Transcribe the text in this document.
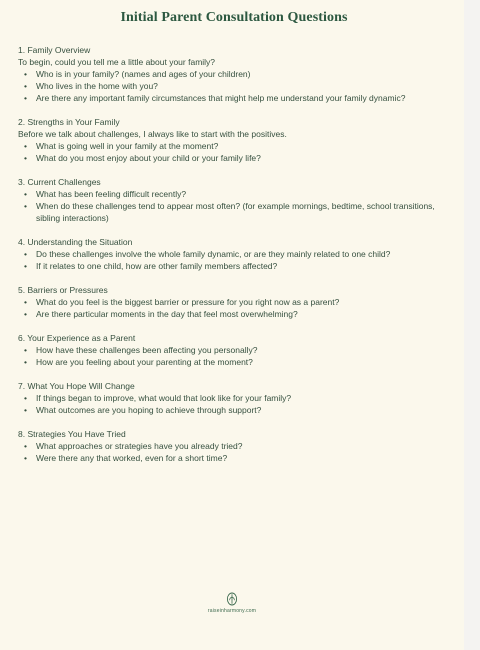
Initial Parent Consultation Questions

1. Family Overview

To begin, could you tell me a little about your family?

• Who is in your family? (names and ages of your children)
• Who lives in the home with you?
• Are there any important family circumstances that might help me understand your family dynamic?

2. Strengths in Your Family

Before we talk about challenges, I always like to start with the positives.

• What is going well in your family at the moment?
• What do you most enjoy about your child or your family life?

3. Current Challenges

• What has been feeling difficult recently?
• When do these challenges tend to appear most often? (for example mornings, bedtime, school transitions, sibling interactions)

4. Understanding the Situation

• Do these challenges involve the whole family dynamic, or are they mainly related to one child?
• If it relates to one child, how are other family members affected?

5. Barriers or Pressures

• What do you feel is the biggest barrier or pressure for you right now as a parent?
• Are there particular moments in the day that feel most overwhelming?

6. Your Experience as a Parent

• How have these challenges been affecting you personally?
• How are you feeling about your parenting at the moment?

7. What You Hope Will Change

• If things began to improve, what would that look like for your family?
• What outcomes are you hoping to achieve through support?

8. Strategies You Have Tried

• What approaches or strategies have you already tried?
• Were there any that worked, even for a short time?
raiseinharmony.com
